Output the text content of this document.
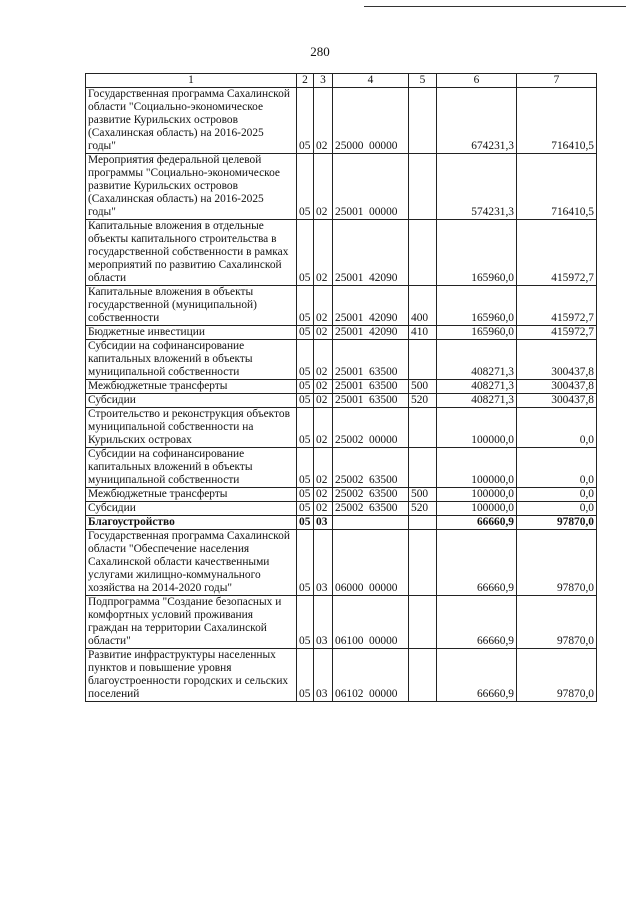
280
1	2	3	4	5	6	7
Государственная программа Сахалинской области "Социально-экономическое развитие Курильских островов (Сахалинская область) на 2016-2025 годы"	05	02	25000 00000		674231,3	716410,5
Мероприятия федеральной целевой программы "Социально-экономическое развитие Курильских островов (Сахалинская область) на 2016-2025 годы"	05	02	25001 00000		574231,3	716410,5
Капитальные вложения в отдельные объекты капитального строительства в государственной собственности в рамках мероприятий по развитию Сахалинской области	05	02	25001 42090		165960,0	415972,7
Капитальные вложения в объекты государственной (муниципальной) собственности	05	02	25001 42090	400	165960,0	415972,7
Бюджетные инвестиции	05	02	25001 42090	410	165960,0	415972,7
Субсидии на софинансирование капитальных вложений в объекты муниципальной собственности	05	02	25001 63500		408271,3	300437,8
Межбюджетные трансферты	05	02	25001 63500	500	408271,3	300437,8
Субсидии	05	02	25001 63500	520	408271,3	300437,8
Строительство и реконструкция объектов муниципальной собственности на Курильских островах	05	02	25002 00000		100000,0	0,0
Субсидии на софинансирование капитальных вложений в объекты муниципальной собственности	05	02	25002 63500		100000,0	0,0
Межбюджетные трансферты	05	02	25002 63500	500	100000,0	0,0
Субсидии	05	02	25002 63500	520	100000,0	0,0
Благоустройство	05	03			66660,9	97870,0
Государственная программа Сахалинской области "Обеспечение населения Сахалинской области качественными услугами жилищно-коммунального хозяйства на 2014-2020 годы"	05	03	06000 00000		66660,9	97870,0
Подпрограмма "Создание безопасных и комфортных условий проживания граждан на территории Сахалинской области"	05	03	06100 00000		66660,9	97870,0
Развитие инфраструктуры населенных пунктов и повышение уровня благоустроенности городских и сельских поселений	05	03	06102 00000		66660,9	97870,0
